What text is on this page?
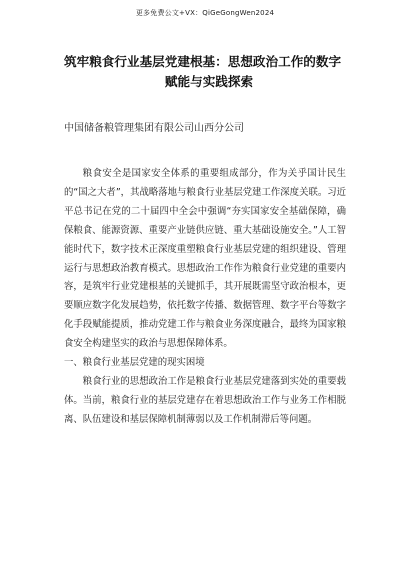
更多免费公文+VX：QiGeGongWen2024
筑牢粮食行业基层党建根基：思想政治工作的数字
赋能与实践探索
中国储备粮管理集团有限公司山西分公司

粮食安全是国家安全体系的重要组成部分，作为关乎国计民生的“国之大者”，其战略落地与粮食行业基层党建工作深度关联。习近平总书记在党的二十届四中全会中强调“夯实国家安全基础保障，确保粮食、能源资源、重要产业链供应链、重大基础设施安全。”人工智能时代下，数字技术正深度重塑粮食行业基层党建的组织建设、管理运行与思想政治教育模式。思想政治工作作为粮食行业党建的重要内容，是筑牢行业党建根基的关键抓手，其开展既需坚守政治根本，更要顺应数字化发展趋势，依托数字传播、数据管理、数字平台等数字化手段赋能提质，推动党建工作与粮食业务深度融合，最终为国家粮食安全构建坚实的政治与思想保障体系。

一、粮食行业基层党建的现实困境

粮食行业的思想政治工作是粮食行业基层党建落到实处的重要载体。当前，粮食行业的基层党建存在着思想政治工作与业务工作相脱离、队伍建设和基层保障机制薄弱以及工作机制滞后等问题。
